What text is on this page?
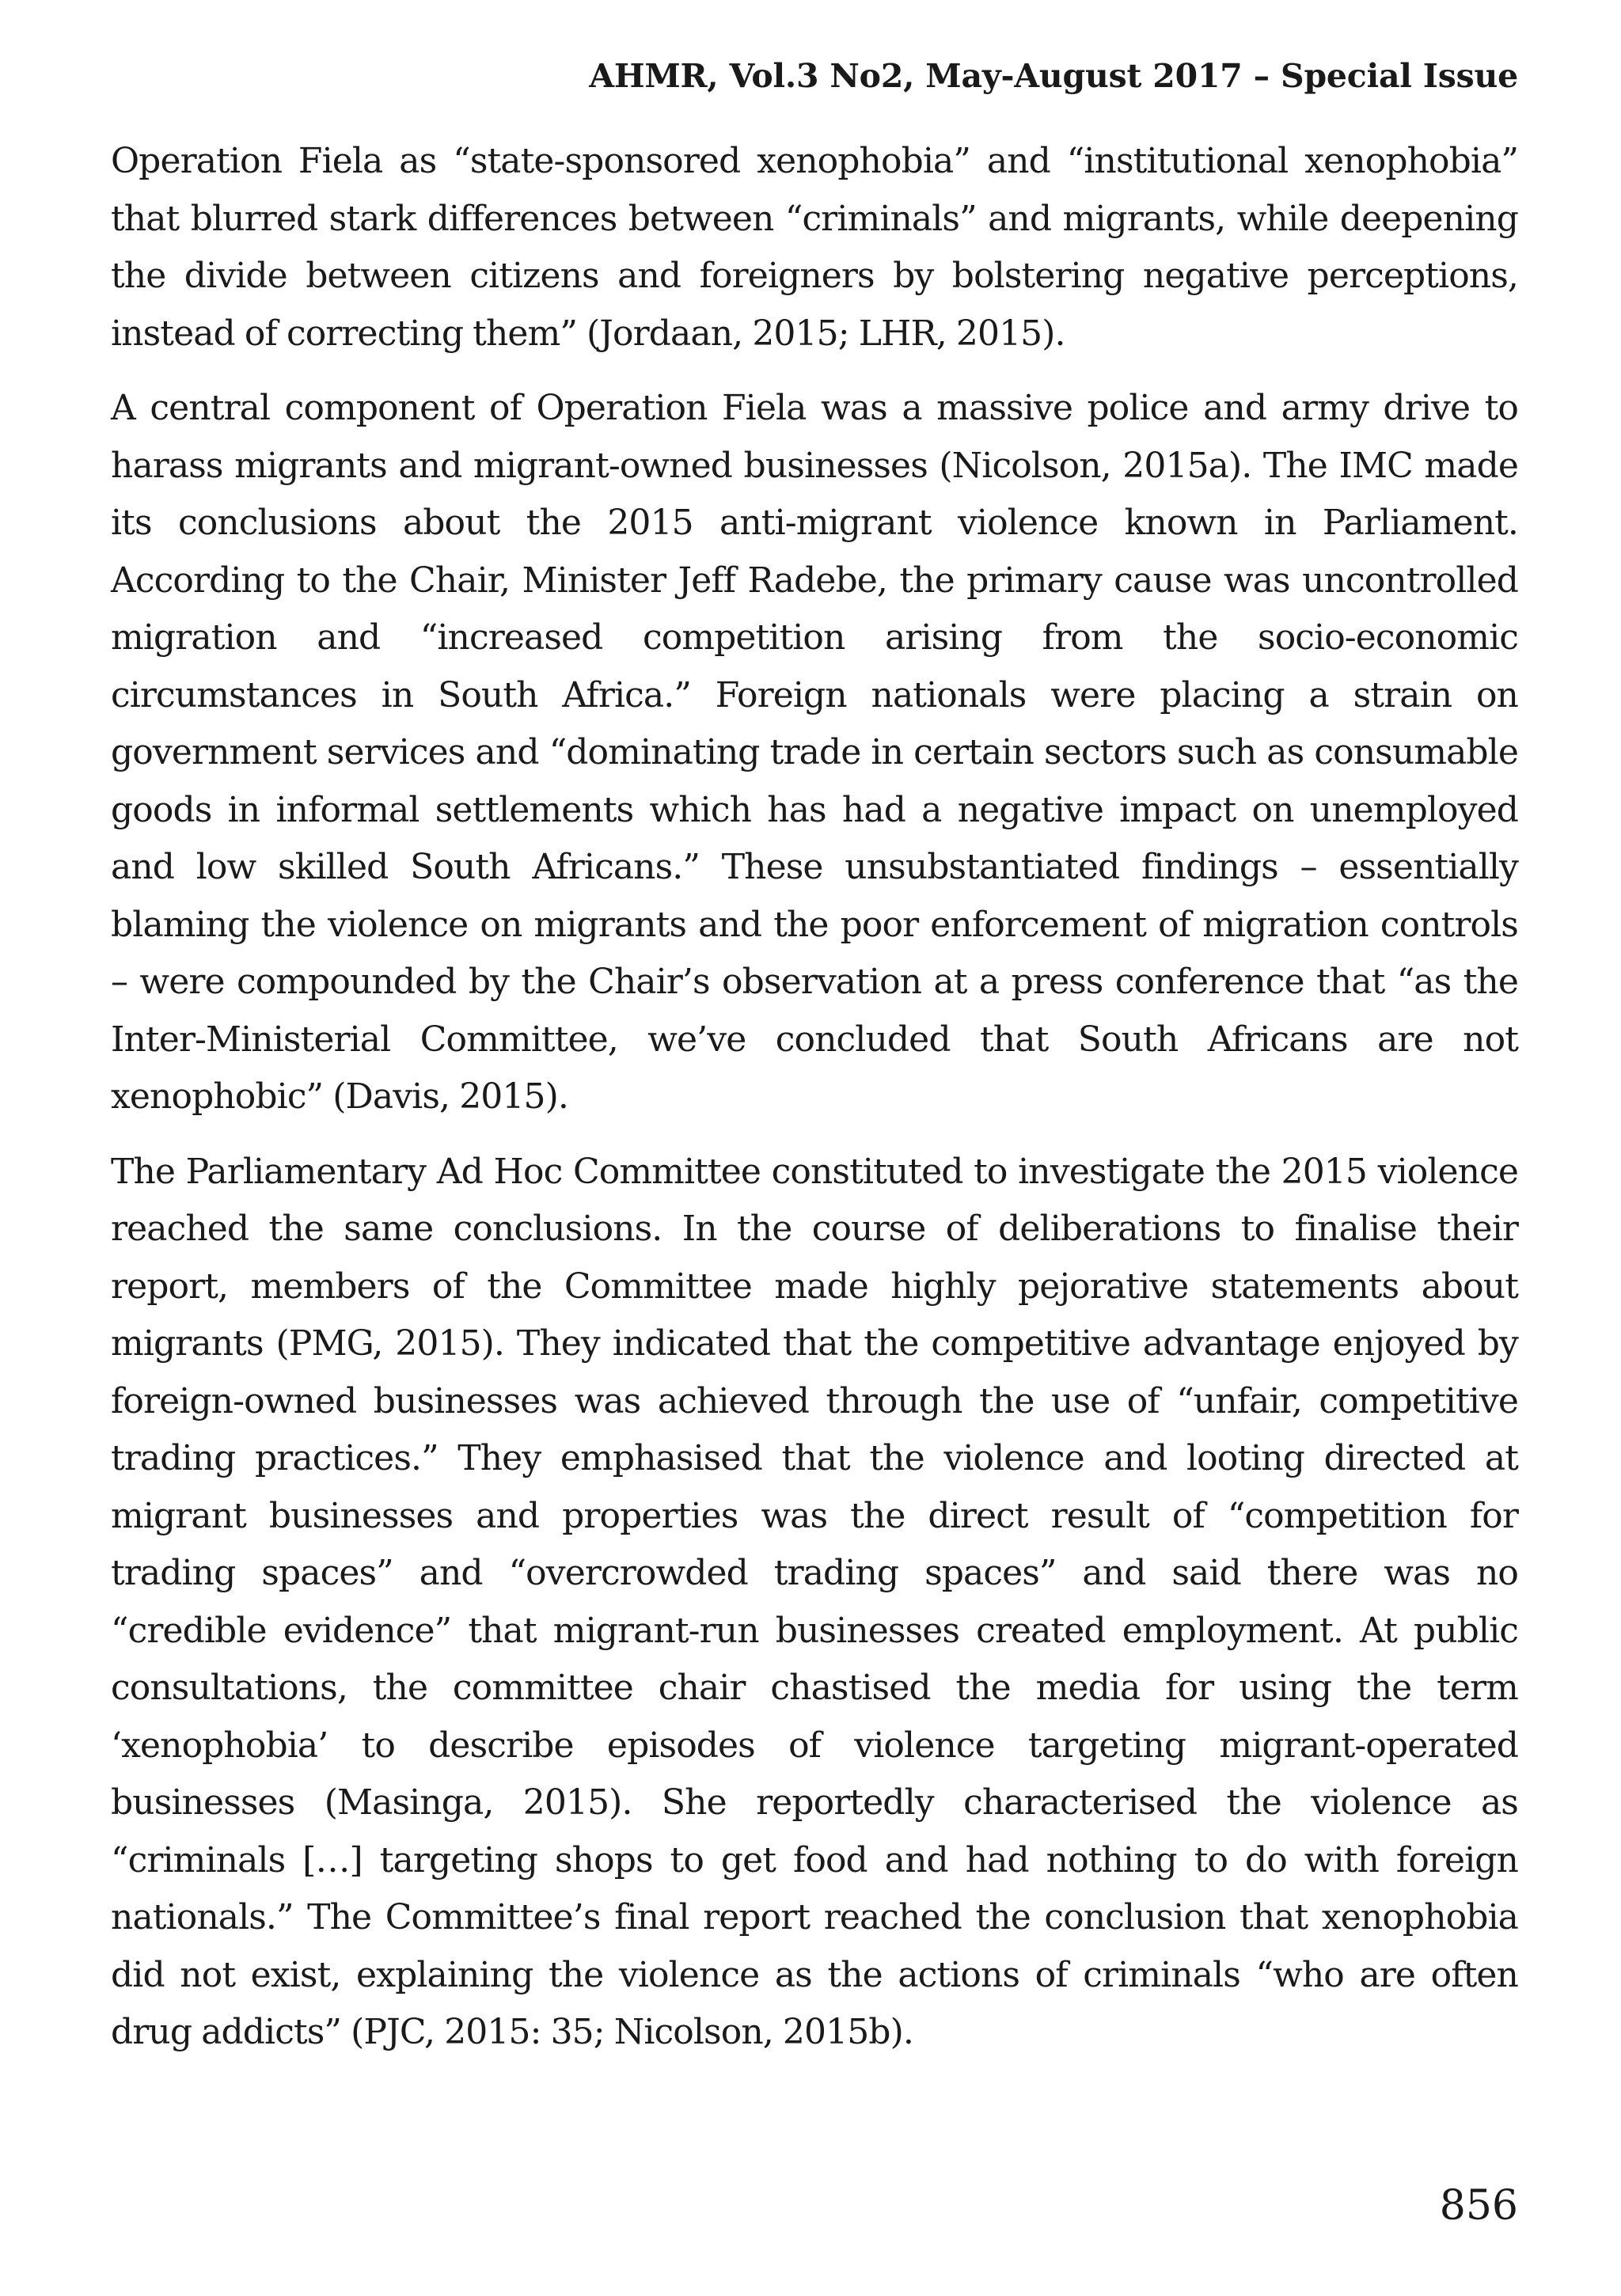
AHMR, Vol.3 No2, May-August 2017 – Special Issue

Operation Fiela as “state-sponsored xenophobia” and “institutional xenophobia” that blurred stark differences between “criminals” and migrants, while deepening the divide between citizens and foreigners by bolstering negative perceptions, instead of correcting them” (Jordaan, 2015; LHR, 2015).

A central component of Operation Fiela was a massive police and army drive to harass migrants and migrant-owned businesses (Nicolson, 2015a). The IMC made its conclusions about the 2015 anti-migrant violence known in Parliament. According to the Chair, Minister Jeff Radebe, the primary cause was uncontrolled migration and “increased competition arising from the socio-economic circumstances in South Africa.” Foreign nationals were placing a strain on government services and “dominating trade in certain sectors such as consumable goods in informal settlements which has had a negative impact on unemployed and low skilled South Africans.” These unsubstantiated findings – essentially blaming the violence on migrants and the poor enforcement of migration controls – were compounded by the Chair’s observation at a press conference that “as the Inter-Ministerial Committee, we’ve concluded that South Africans are not xenophobic” (Davis, 2015).

The Parliamentary Ad Hoc Committee constituted to investigate the 2015 violence reached the same conclusions. In the course of deliberations to finalise their report, members of the Committee made highly pejorative statements about migrants (PMG, 2015). They indicated that the competitive advantage enjoyed by foreign-owned businesses was achieved through the use of “unfair, competitive trading practices.” They emphasised that the violence and looting directed at migrant businesses and properties was the direct result of “competition for trading spaces” and “overcrowded trading spaces” and said there was no “credible evidence” that migrant-run businesses created employment. At public consultations, the committee chair chastised the media for using the term ‘xenophobia’ to describe episodes of violence targeting migrant-operated businesses (Masinga, 2015). She reportedly characterised the violence as “criminals […] targeting shops to get food and had nothing to do with foreign nationals.” The Committee’s final report reached the conclusion that xenophobia did not exist, explaining the violence as the actions of criminals “who are often drug addicts” (PJC, 2015: 35; Nicolson, 2015b).

856
